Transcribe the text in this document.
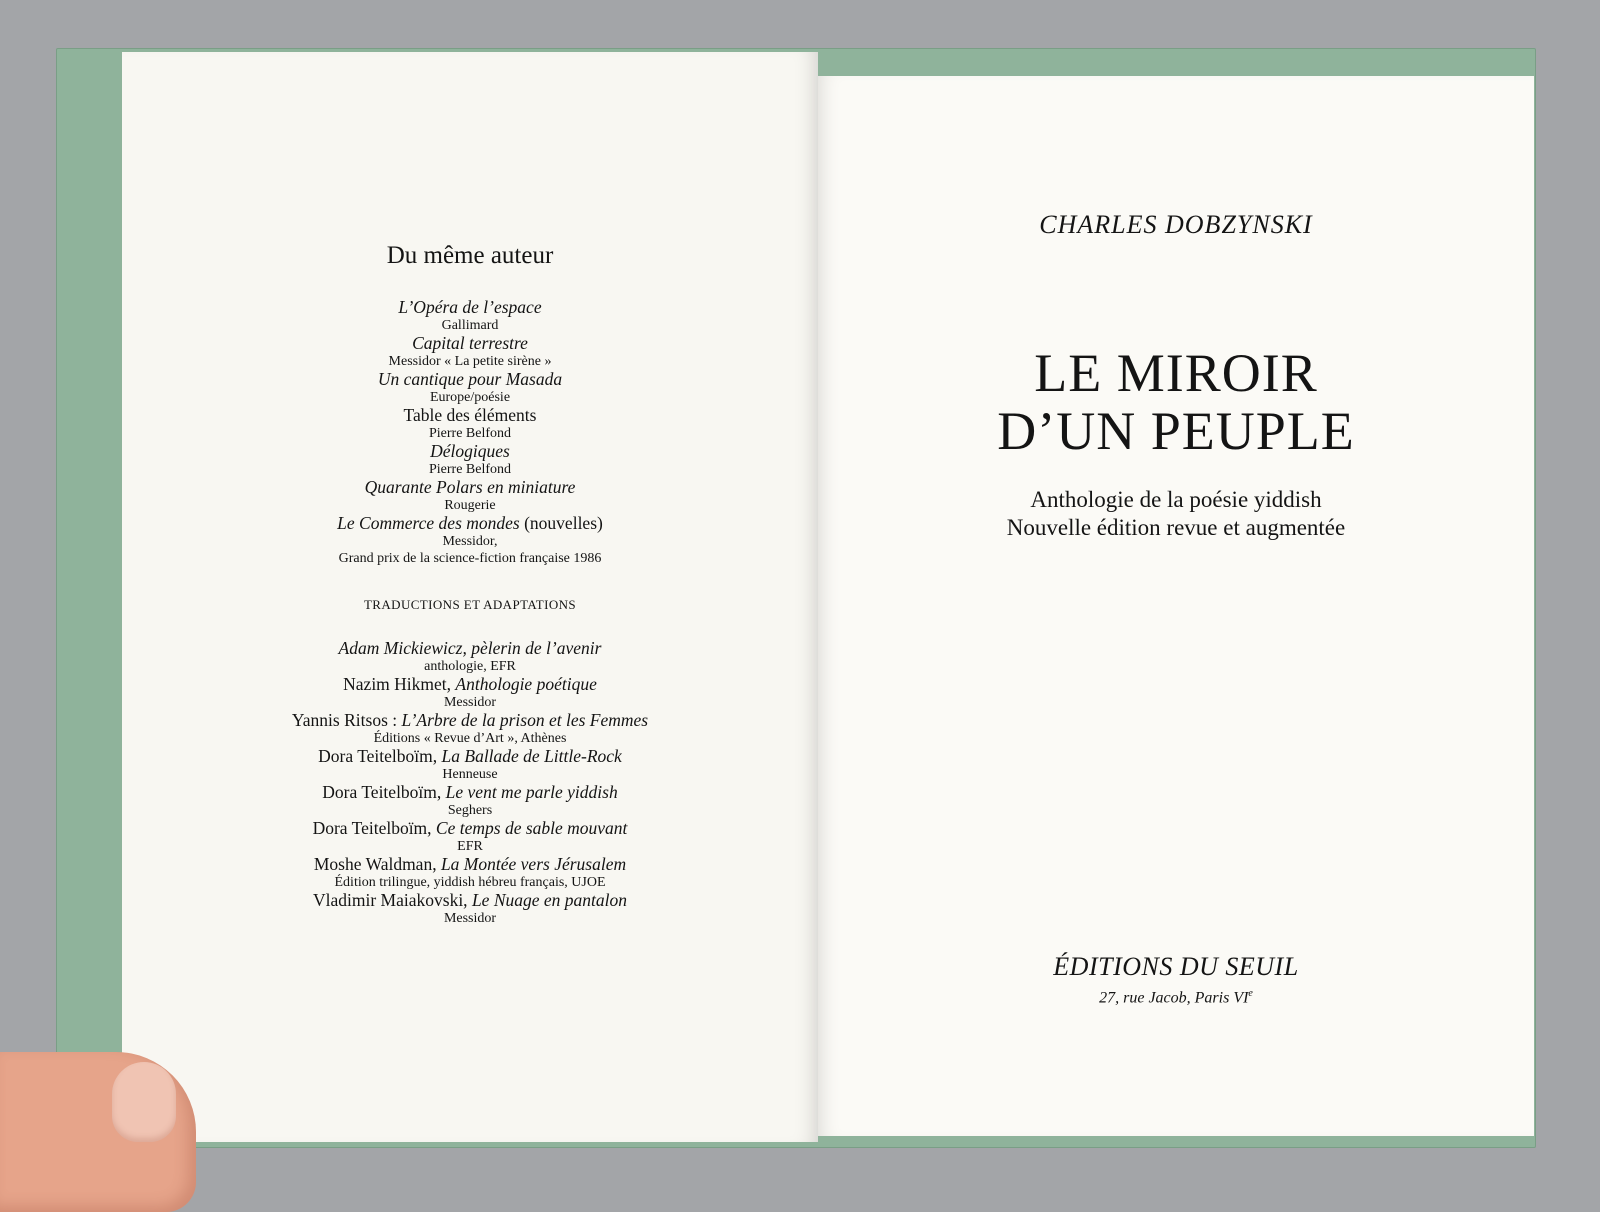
Du même auteur
L’Opéra de l’espace
Gallimard
Capital terrestre
Messidor « La petite sirène »
Un cantique pour Masada
Europe/poésie
Table des éléments
Pierre Belfond
Délogiques
Pierre Belfond
Quarante Polars en miniature
Rougerie
Le Commerce des mondes (nouvelles)
Messidor,
Grand prix de la science-fiction française 1986
TRADUCTIONS ET ADAPTATIONS
Adam Mickiewicz, pèlerin de l’avenir
anthologie, EFR
Nazim Hikmet, Anthologie poétique
Messidor
Yannis Ritsos : L’Arbre de la prison et les Femmes
Éditions « Revue d’Art », Athènes
Dora Teitelboïm, La Ballade de Little-Rock
Henneuse
Dora Teitelboïm, Le vent me parle yiddish
Seghers
Dora Teitelboïm, Ce temps de sable mouvant
EFR
Moshe Waldman, La Montée vers Jérusalem
Édition trilingue, yiddish hébreu français, UJOE
Vladimir Maiakovski, Le Nuage en pantalon
Messidor
CHARLES DOBZYNSKI
LE MIROIR
D’UN PEUPLE
Anthologie de la poésie yiddish
Nouvelle édition revue et augmentée
ÉDITIONS DU SEUIL
27, rue Jacob, Paris VIe
